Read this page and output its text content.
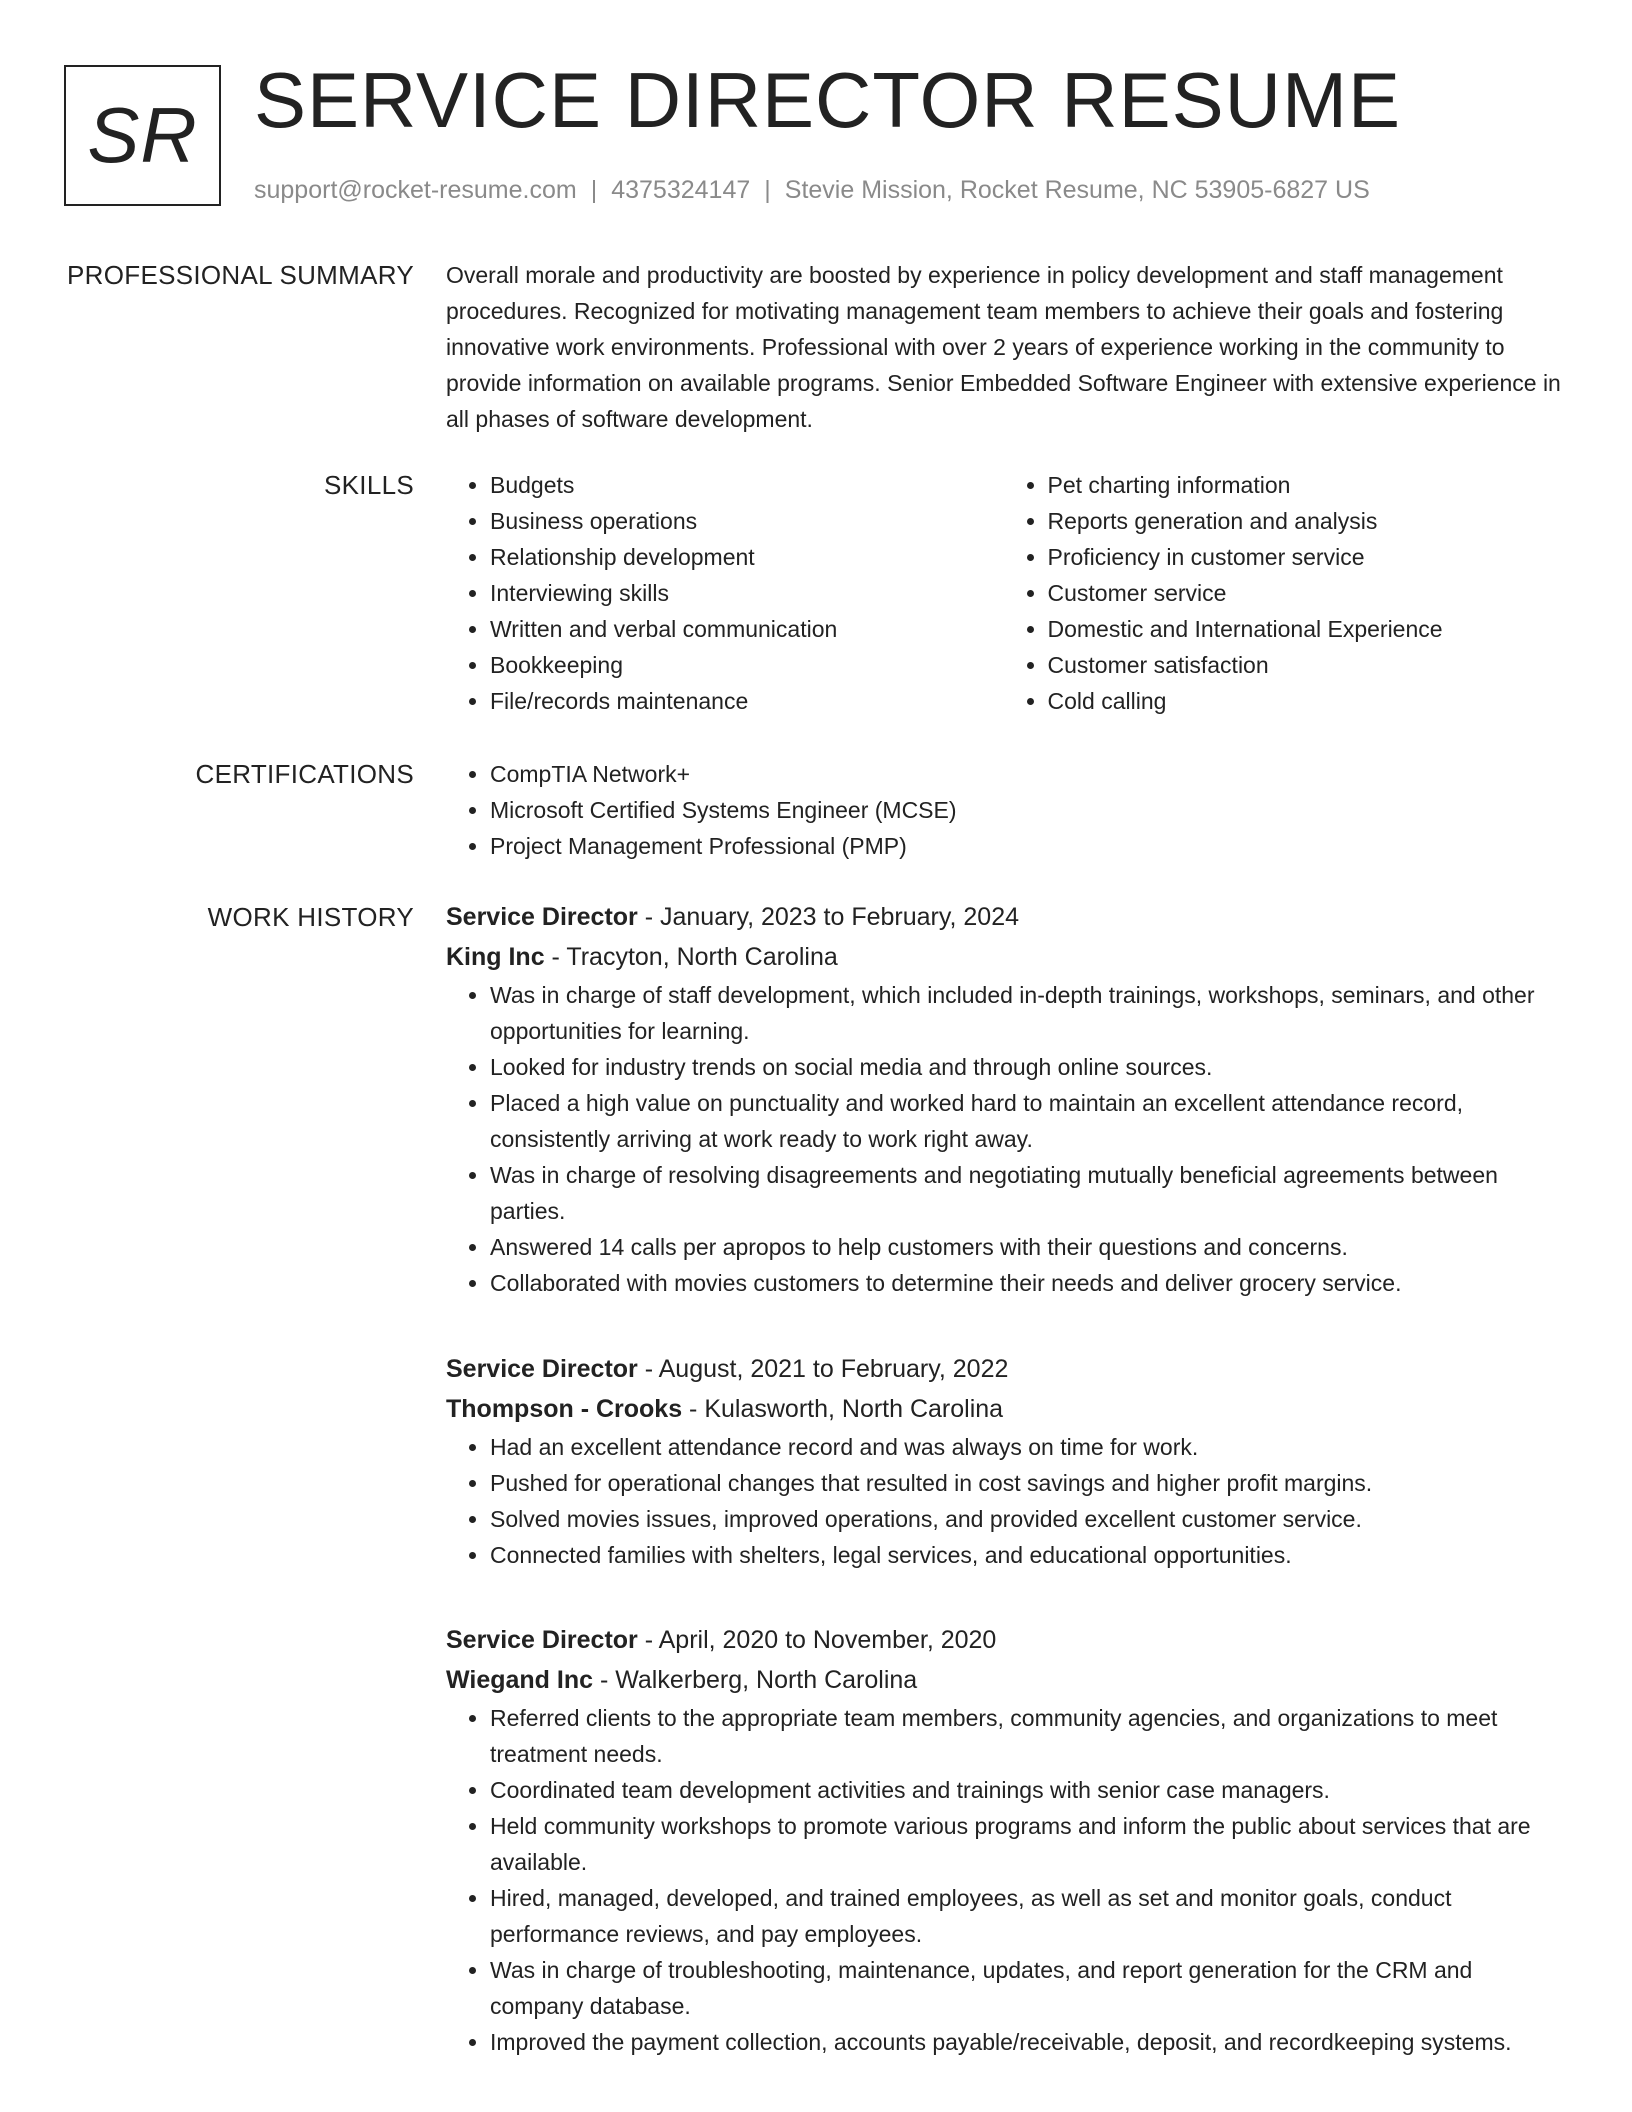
SR SERVICE DIRECTOR RESUME
support@rocket-resume.com | 4375324147 | Stevie Mission, Rocket Resume, NC 53905-6827 US
PROFESSIONAL SUMMARY Overall morale and productivity are boosted by experience in policy development and staff management procedures. Recognized for motivating management team members to achieve their goals and fostering innovative work environments. Professional with over 2 years of experience working in the community to provide information on available programs. Senior Embedded Software Engineer with extensive experience in all phases of software development.

SKILLS	• Budgets
• Business operations
• Relationship development
• Interviewing skills
• Written and verbal communication
• Bookkeeping
• File/records maintenance
• Pet charting information
• Reports generation and analysis
• Proficiency in customer service
• Customer service
• Domestic and International Experience
• Customer satisfaction
• Cold calling
CERTIFICATIONS	• CompTIA Network+
• Microsoft Certified Systems Engineer (MCSE)
• Project Management Professional (PMP)
WORK HISTORY Service Director - January, 2023 to February, 2024
King Inc - Tracyton, North Carolina
• Was in charge of staff development, which included in-depth trainings, workshops, seminars, and other opportunities for learning.
• Looked for industry trends on social media and through online sources.
• Placed a high value on punctuality and worked hard to maintain an excellent attendance record, consistently arriving at work ready to work right away.
• Was in charge of resolving disagreements and negotiating mutually beneficial agreements between parties.
• Answered 14 calls per apropos to help customers with their questions and concerns.
• Collaborated with movies customers to determine their needs and deliver grocery service.
Service Director - August, 2021 to February, 2022
Thompson - Crooks - Kulasworth, North Carolina
• Had an excellent attendance record and was always on time for work.
• Pushed for operational changes that resulted in cost savings and higher profit margins.
• Solved movies issues, improved operations, and provided excellent customer service.
• Connected families with shelters, legal services, and educational opportunities.
Service Director - April, 2020 to November, 2020
Wiegand Inc - Walkerberg, North Carolina
• Referred clients to the appropriate team members, community agencies, and organizations to meet treatment needs.
• Coordinated team development activities and trainings with senior case managers.
• Held community workshops to promote various programs and inform the public about services that are available.
• Hired, managed, developed, and trained employees, as well as set and monitor goals, conduct performance reviews, and pay employees.
• Was in charge of troubleshooting, maintenance, updates, and report generation for the CRM and company database.
• Improved the payment collection, accounts payable/receivable, deposit, and recordkeeping systems.
